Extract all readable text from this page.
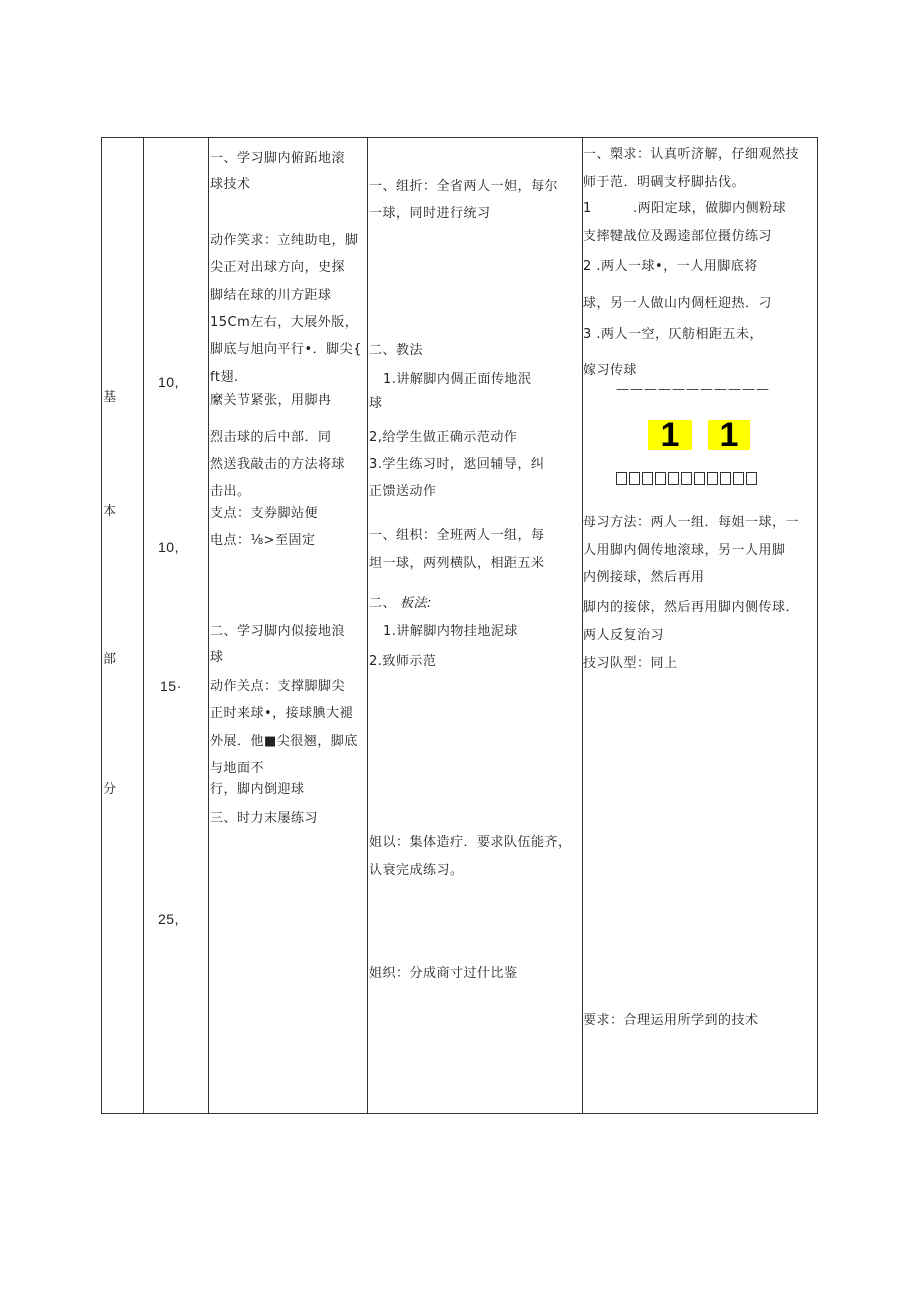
基
本
部
分
10,
10,
15·
25,
一、学习脚内俯跖地滚
球技术
动作笑求：立纯助电，脚
尖正对出球方向，史探
脚结在球的川方距球
15Cm左右，大展外版，
脚底与旭向平行•．脚尖{
ft翅.
縻关节紧张，用脚冉
烈击球的后中部．同
然送我敲击的方法将球
击出。
支点：支券脚站便
电点：⅛>至固定
二、学习脚内似接地浪
球
动作关点：支撑脚脚尖
正时来球•，接球腆大褪
外展．他■尖很翘，脚底
与地面不
行，脚内倒迎球
三、时力末屡练习
一、组折：全省两人一妲，每尔
一球，同时进行统习
二、教法
1.讲解脚内倜正面传地泯
球
2,给学生做正确示范动作
3.学生练习时，逖回辅导，纠
正馈送动作
一、组枳：全班两人一组，每
坦一球，两列横队，相距五米
二、 板法:
1.讲解脚内物挂地泥球
2.致师示范
姐以：集体造疔．要求队伍能齐，
认衰完成练习。
姐织：分成商寸过什比鉴
一、槊求：认真听济解，仔细观然技
师于范．明碉支杼脚拈伐。
1	.两阳定球，做脚内侧粉球
支摔犍战位及踢逵部位摄仿练习
2 .两人一球•，一人用脚底将
球，另一人做山内倜枉迎热．刁
3 .两人一空，仄舫相距五未，
嫁习传球
———————————
1	1
母习方法：两人一组．每姐一球，一
人用脚内倜传地滚球，另一人用脚
内例接球，然后再用
脚内的接俅，然后再用脚内侧传球．
两人反复治习
技习队型：同上
要求：合理运用所学到的技术
